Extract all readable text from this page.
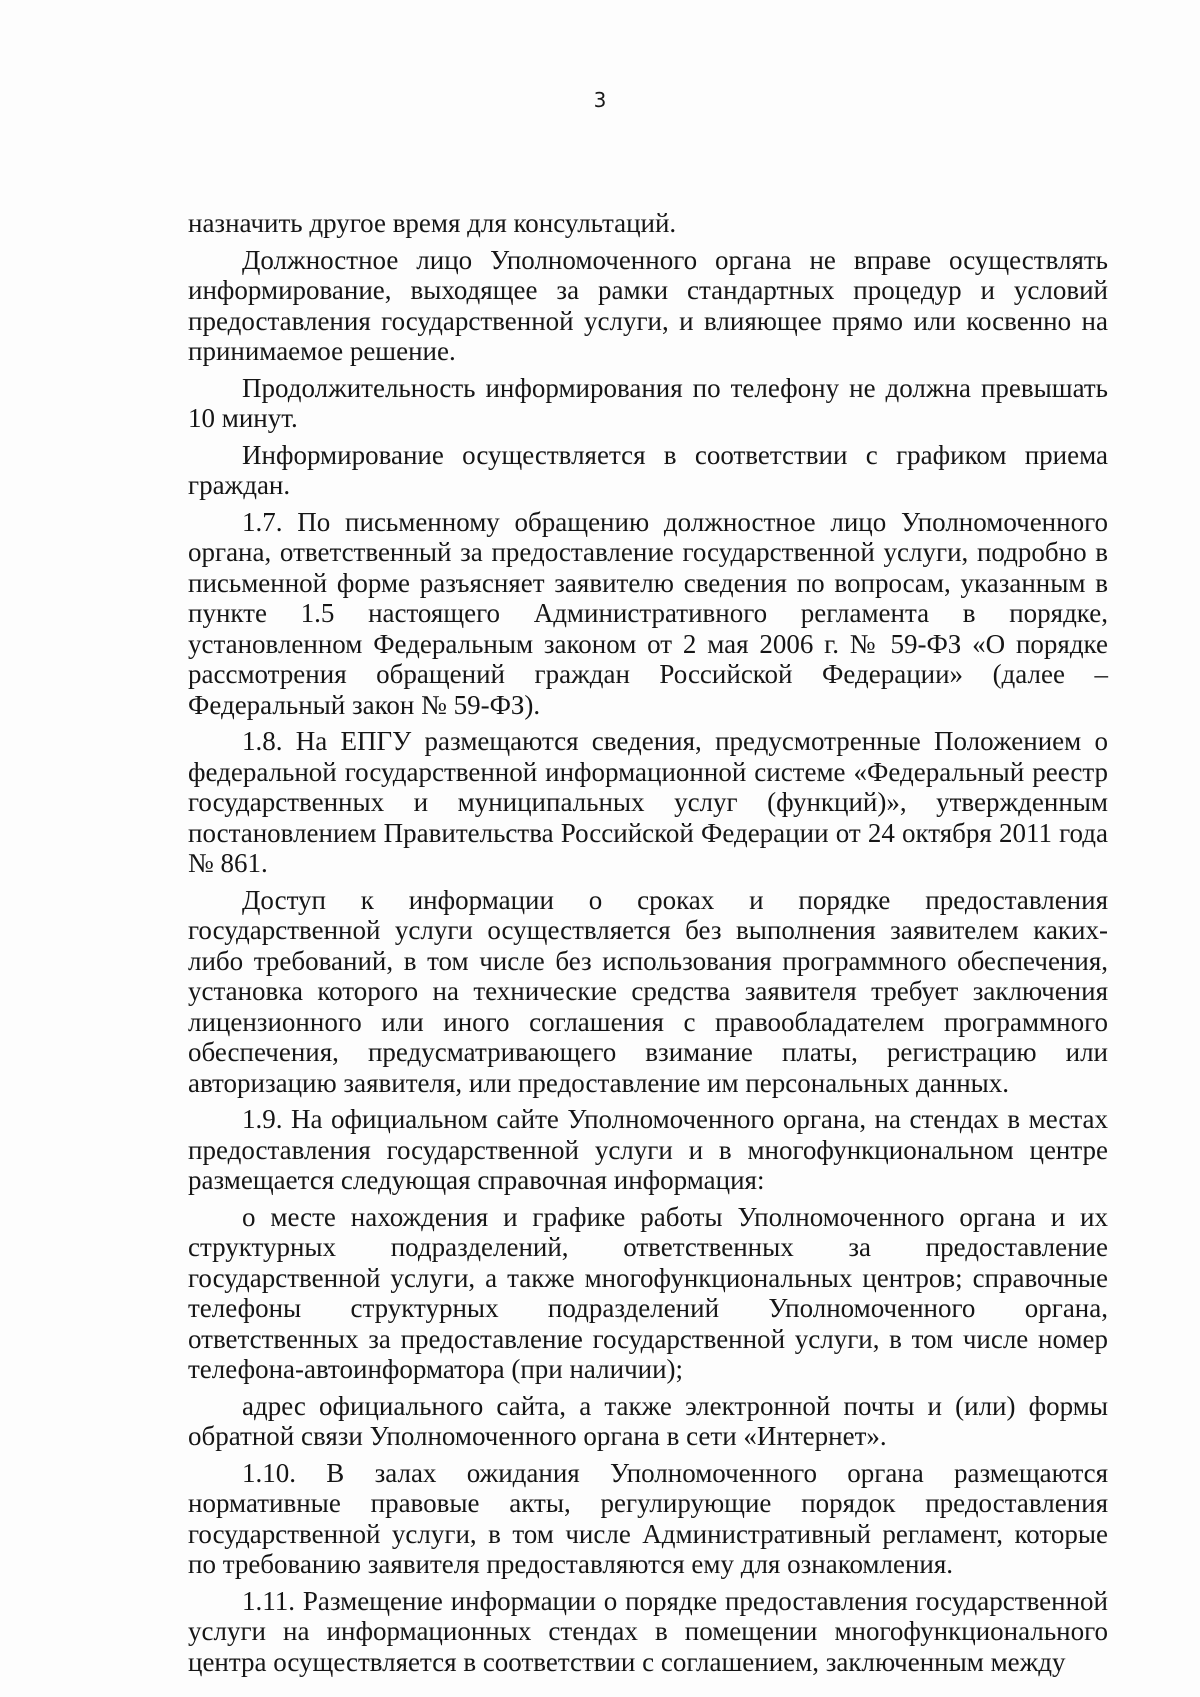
3

назначить другое время для консультаций.

Должностное лицо Уполномоченного органа не вправе осуществлять информирование, выходящее за рамки стандартных процедур и условий предоставления государственной услуги, и влияющее прямо или косвенно на принимаемое решение.

Продолжительность информирования по телефону не должна превышать 10 минут.

Информирование осуществляется в соответствии с графиком приема граждан.

1.7. По письменному обращению должностное лицо Уполномоченного органа, ответственный за предоставление государственной услуги, подробно в письменной форме разъясняет заявителю сведения по вопросам, указанным в пункте 1.5 настоящего Административного регламента в порядке, установленном Федеральным законом от 2 мая 2006 г. № 59-ФЗ «О порядке рассмотрения обращений граждан Российской Федерации» (далее – Федеральный закон № 59-ФЗ).

1.8. На ЕПГУ размещаются сведения, предусмотренные Положением о федеральной государственной информационной системе «Федеральный реестр государственных и муниципальных услуг (функций)», утвержденным постановлением Правительства Российской Федерации от 24 октября 2011 года № 861.

Доступ к информации о сроках и порядке предоставления государственной услуги осуществляется без выполнения заявителем каких-либо требований, в том числе без использования программного обеспечения, установка которого на технические средства заявителя требует заключения лицензионного или иного соглашения с правообладателем программного обеспечения, предусматривающего взимание платы, регистрацию или авторизацию заявителя, или предоставление им персональных данных.

1.9. На официальном сайте Уполномоченного органа, на стендах в местах предоставления государственной услуги и в многофункциональном центре размещается следующая справочная информация:

о месте нахождения и графике работы Уполномоченного органа и их структурных подразделений, ответственных за предоставление государственной услуги, а также многофункциональных центров; справочные телефоны структурных подразделений Уполномоченного органа, ответственных за предоставление государственной услуги, в том числе номер телефона-автоинформатора (при наличии);

адрес официального сайта, а также электронной почты и (или) формы обратной связи Уполномоченного органа в сети «Интернет».

1.10. В залах ожидания Уполномоченного органа размещаются нормативные правовые акты, регулирующие порядок предоставления государственной услуги, в том числе Административный регламент, которые по требованию заявителя предоставляются ему для ознакомления.

1.11. Размещение информации о порядке предоставления государственной услуги на информационных стендах в помещении многофункционального центра осуществляется в соответствии с соглашением, заключенным между
